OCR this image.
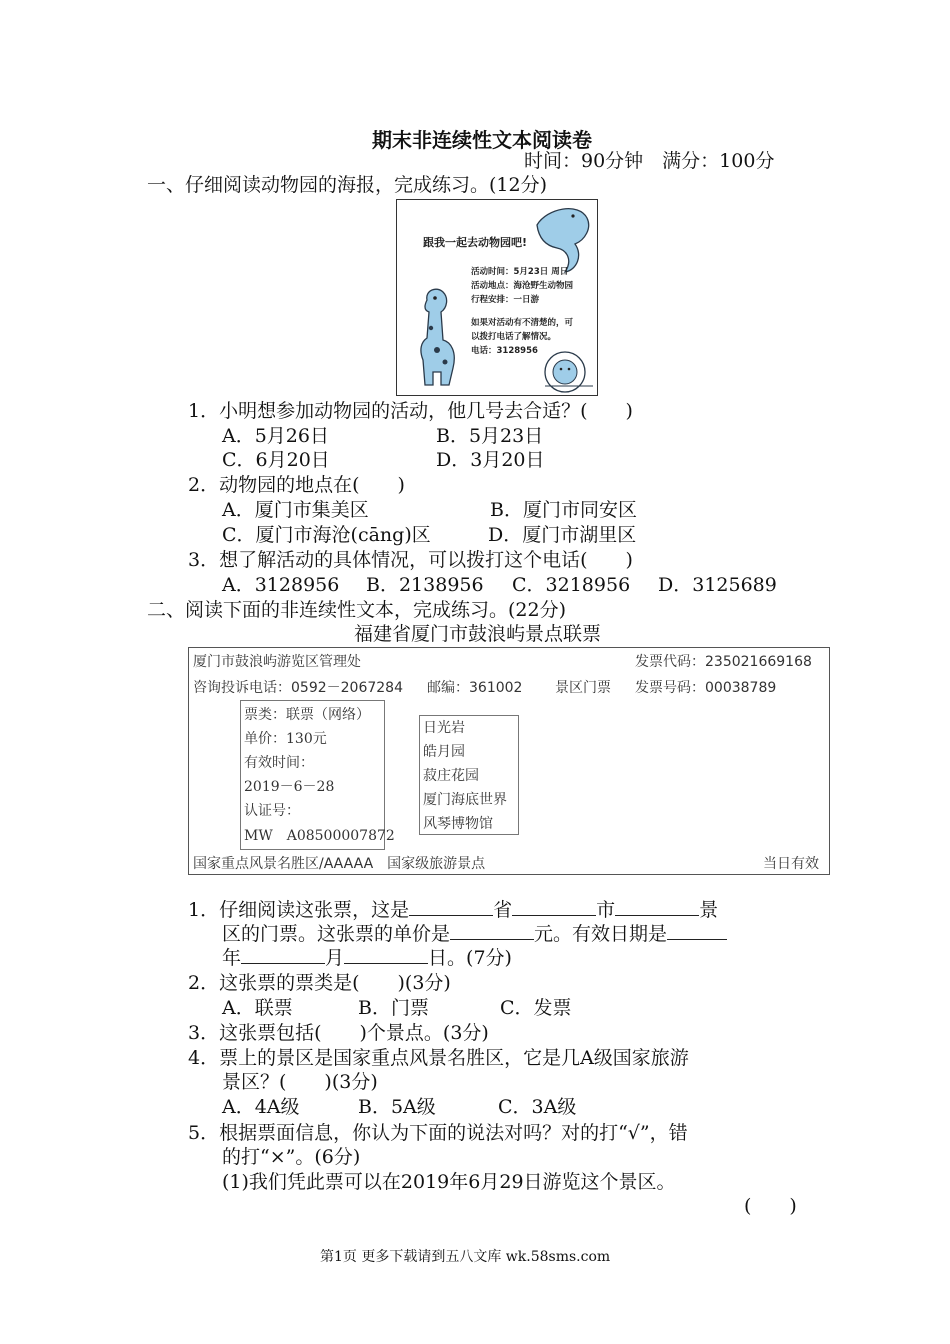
期末非连续性文本阅读卷
时间：90分钟　满分：100分
一、仔细阅读动物园的海报，完成练习。(12分)
跟我一起去动物园吧!
活动时间：5月23日 周日
活动地点：海沧野生动物园
行程安排：一日游
如果对活动有不清楚的，可
以拨打电话了解情况。
电话：3128956
1．小明想参加动物园的活动，他几号去合适？(　　)
A．5月26日	B．5月23日
C．6月20日	D．3月20日
2．动物园的地点在(　　)
A．厦门市集美区	B．厦门市同安区
C．厦门市海沧(cāng)区	D．厦门市湖里区
3．想了解活动的具体情况，可以拨打这个电话(　　)
A．3128956 B．2138956 C．3218956 D．3125689
二、阅读下面的非连续性文本，完成练习。(22分)
福建省厦门市鼓浪屿景点联票
厦门市鼓浪屿游览区管理处	发票代码：235021669168
咨询投诉电话：0592－2067284 邮编：361002 景区门票 发票号码：00038789
票类：联票（网络）
单价：130元
有效时间：
2019－6－28
认证号：
MW　A08500007872
日光岩
皓月园
菽庄花园
厦门海底世界
风琴博物馆
国家重点风景名胜区/AAAAA　国家级旅游景点	当日有效
1．仔细阅读这张票，这是	省	市	景
区的门票。这张票的单价是	元。有效日期是
年	月	日。(7分)
2．这张票的票类是(　　)(3分)
A．联票	B．门票	C．发票
3．这张票包括(　　)个景点。(3分)
4．票上的景区是国家重点风景名胜区，它是几A级国家旅游
景区？(　　)(3分)
A．4A级	B．5A级	C．3A级
5．根据票面信息，你认为下面的说法对吗？对的打“√”，错
的打“×”。(6分)
(1)我们凭此票可以在2019年6月29日游览这个景区。
(　　)
第1页 更多下载请到五八文库 wk.58sms.com
